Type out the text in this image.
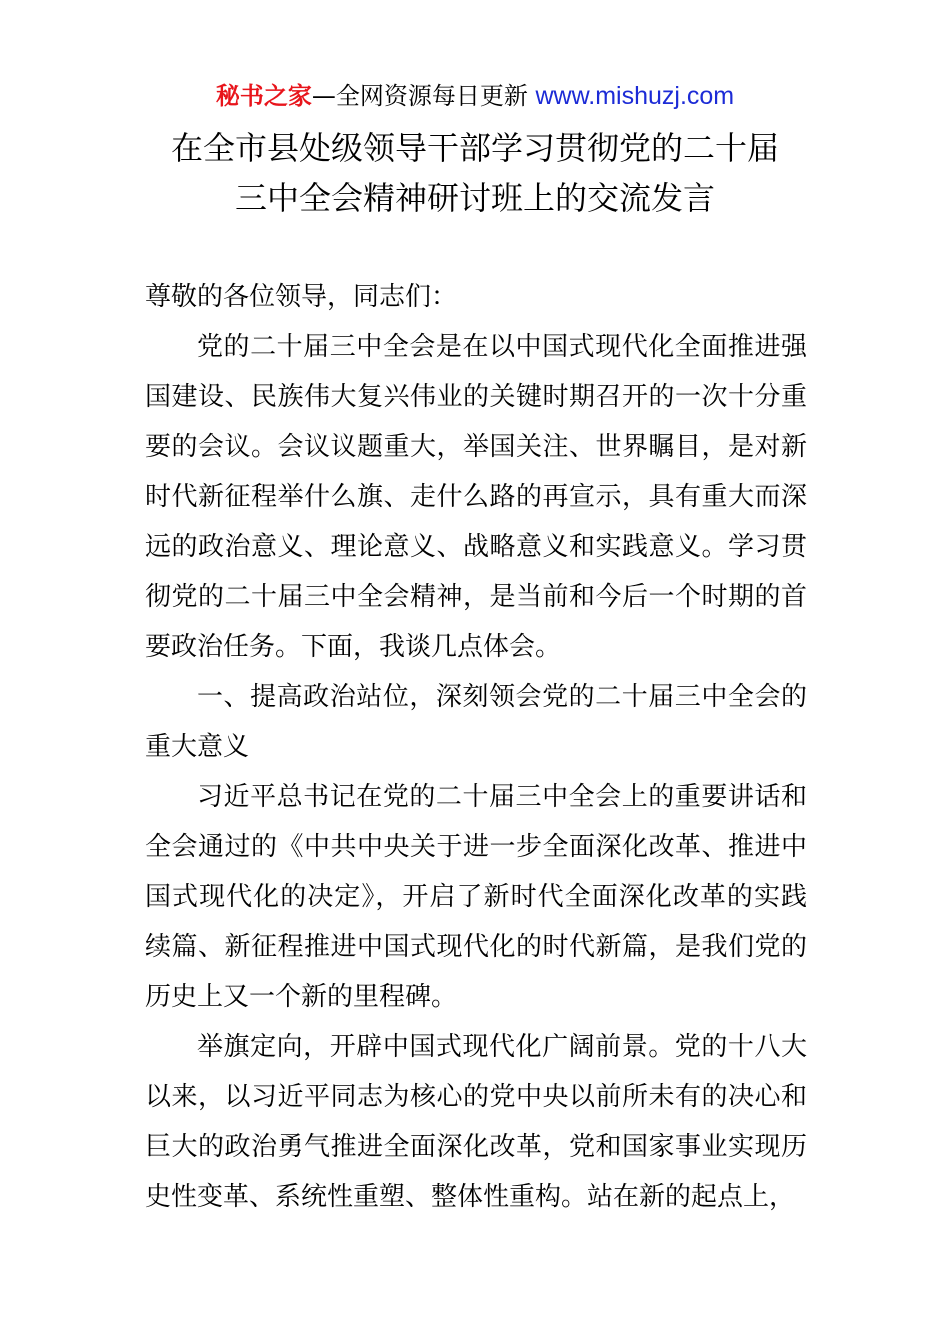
秘书之家—全网资源每日更新 www.mishuzj.com
在全市县处级领导干部学习贯彻党的二十届
三中全会精神研讨班上的交流发言

尊敬的各位领导，同志们：

党的二十届三中全会是在以中国式现代化全面推进强国建设、民族伟大复兴伟业的关键时期召开的一次十分重要的会议。会议议题重大，举国关注、世界瞩目，是对新时代新征程举什么旗、走什么路的再宣示，具有重大而深远的政治意义、理论意义、战略意义和实践意义。学习贯彻党的二十届三中全会精神，是当前和今后一个时期的首要政治任务。下面，我谈几点体会。

一、提高政治站位，深刻领会党的二十届三中全会的重大意义

习近平总书记在党的二十届三中全会上的重要讲话和全会通过的《中共中央关于进一步全面深化改革、推进中国式现代化的决定》，开启了新时代全面深化改革的实践续篇、新征程推进中国式现代化的时代新篇，是我们党的历史上又一个新的里程碑。

举旗定向，开辟中国式现代化广阔前景。党的十八大以来，以习近平同志为核心的党中央以前所未有的决心和巨大的政治勇气推进全面深化改革，党和国家事业实现历史性变革、系统性重塑、整体性重构。站在新的起点上，
